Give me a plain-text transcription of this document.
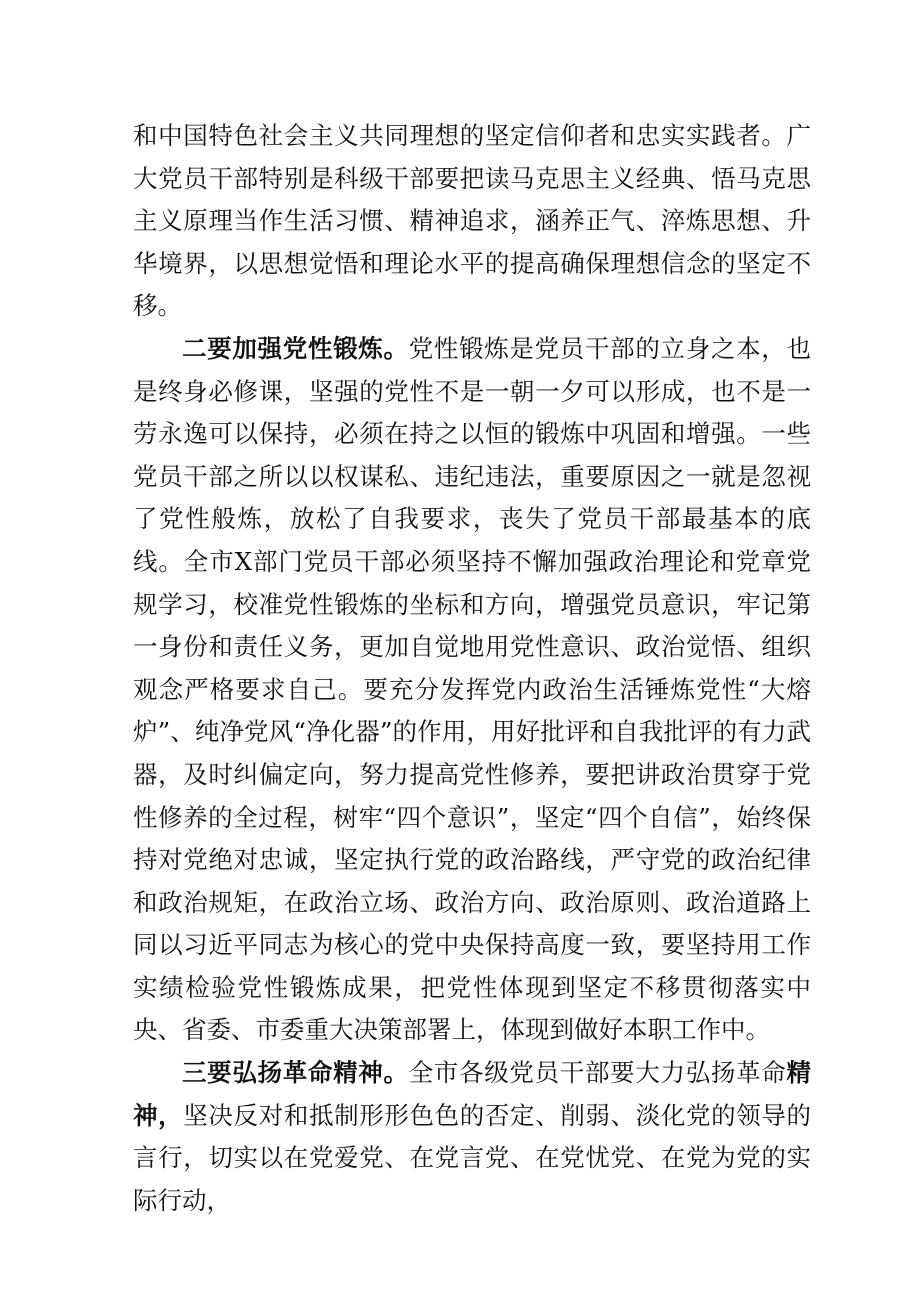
和中国特色社会主义共同理想的坚定信仰者和忠实实践者。广大党员干部特别是科级干部要把读马克思主义经典、悟马克思主义原理当作生活习惯、精神追求，涵养正气、淬炼思想、升华境界，以思想觉悟和理论水平的提高确保理想信念的坚定不移。

二要加强党性锻炼。党性锻炼是党员干部的立身之本，也是终身必修课，坚强的党性不是一朝一夕可以形成，也不是一劳永逸可以保持，必须在持之以恒的锻炼中巩固和增强。一些党员干部之所以以权谋私、违纪违法，重要原因之一就是忽视了党性般炼，放松了自我要求，丧失了党员干部最基本的底线。全市X部门党员干部必须坚持不懈加强政治理论和党章党规学习，校准党性锻炼的坐标和方向，增强党员意识，牢记第一身份和责任义务，更加自觉地用党性意识、政治觉悟、组织观念严格要求自己。要充分发挥党内政治生活锤炼党性“大熔炉”、纯净党风“净化器”的作用，用好批评和自我批评的有力武器，及时纠偏定向，努力提高党性修养，要把讲政治贯穿于党性修养的全过程，树牢“四个意识”，坚定“四个自信”，始终保持对党绝对忠诚，坚定执行党的政治路线，严守党的政治纪律和政治规矩，在政治立场、政治方向、政治原则、政治道路上同以习近平同志为核心的党中央保持高度一致，要坚持用工作实绩检验党性锻炼成果，把党性体现到坚定不移贯彻落实中央、省委、市委重大决策部署上，体现到做好本职工作中。

三要弘扬革命精神。全市各级党员干部要大力弘扬革命精神，坚决反对和抵制形形色色的否定、削弱、淡化党的领导的言行，切实以在党爱党、在党言党、在党忧党、在党为党的实际行动，
